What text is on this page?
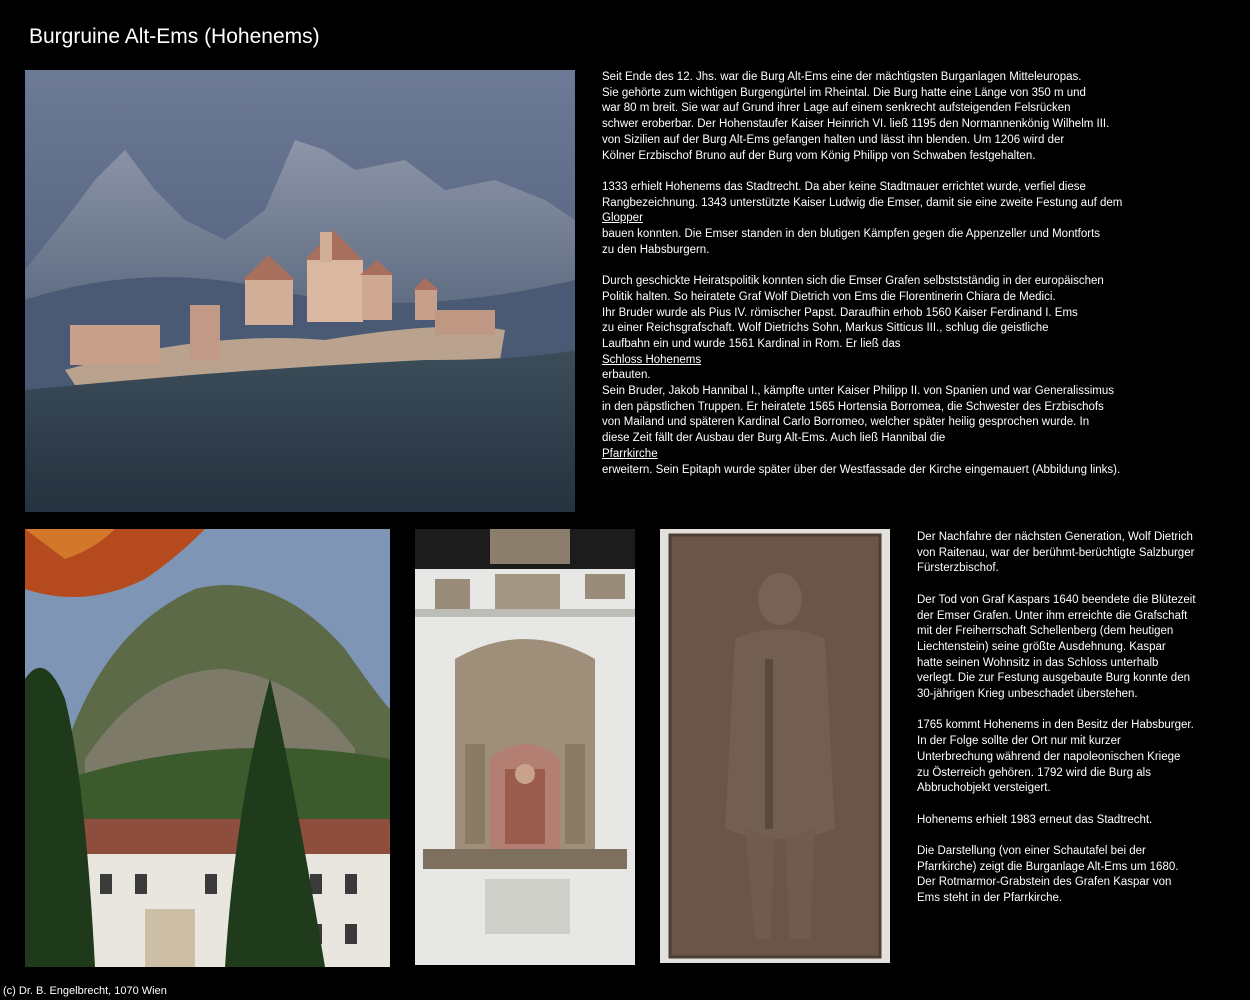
Burgruine Alt-Ems (Hohenems)

Seit Ende des 12. Jhs. war die Burg Alt-Ems eine der mächtigsten Burganlagen Mitteleuropas.
Sie gehörte zum wichtigen Burgengürtel im Rheintal. Die Burg hatte eine Länge von 350 m und
war 80 m breit. Sie war auf Grund ihrer Lage auf einem senkrecht aufsteigenden Felsrücken
schwer eroberbar. Der Hohenstaufer Kaiser Heinrich VI. ließ 1195 den Normannenkönig Wilhelm III.
von Sizilien auf der Burg Alt-Ems gefangen halten und lässt ihn blenden. Um 1206 wird der
Kölner Erzbischof Bruno auf der Burg vom König Philipp von Schwaben festgehalten.

1333 erhielt Hohenems das Stadtrecht. Da aber keine Stadtmauer errichtet wurde, verfiel diese
Rangbezeichnung. 1343 unterstützte Kaiser Ludwig die Emser, damit sie eine zweite Festung auf dem
Glopper
bauen konnten. Die Emser standen in den blutigen Kämpfen gegen die Appenzeller und Montforts
zu den Habsburgern.

Durch geschickte Heiratspolitik konnten sich die Emser Grafen selbststständig in der europäischen
Politik halten. So heiratete Graf Wolf Dietrich von Ems die Florentinerin Chiara de Medici.
Ihr Bruder wurde als Pius IV. römischer Papst. Daraufhin erhob 1560 Kaiser Ferdinand I. Ems
zu einer Reichsgrafschaft. Wolf Dietrichs Sohn, Markus Sitticus III., schlug die geistliche
Laufbahn ein und wurde 1561 Kardinal in Rom. Er ließ das
Schloss Hohenems
erbauten.
Sein Bruder, Jakob Hannibal I., kämpfte unter Kaiser Philipp II. von Spanien und war Generalissimus
in den päpstlichen Truppen. Er heiratete 1565 Hortensia Borromea, die Schwester des Erzbischofs
von Mailand und späteren Kardinal Carlo Borromeo, welcher später heilig gesprochen wurde. In
diese Zeit fällt der Ausbau der Burg Alt-Ems. Auch ließ Hannibal die
Pfarrkirche
erweitern. Sein Epitaph wurde später über der Westfassade der Kirche eingemauert (Abbildung links).

Der Nachfahre der nächsten Generation, Wolf Dietrich
von Raitenau, war der berühmt-berüchtigte Salzburger
Fürsterzbischof.

Der Tod von Graf Kaspars 1640 beendete die Blütezeit
der Emser Grafen. Unter ihm erreichte die Grafschaft
mit der Freiherrschaft Schellenberg (dem heutigen
Liechtenstein) seine größte Ausdehnung. Kaspar
hatte seinen Wohnsitz in das Schloss unterhalb
verlegt. Die zur Festung ausgebaute Burg konnte den
30-jährigen Krieg unbeschadet überstehen.

1765 kommt Hohenems in den Besitz der Habsburger.
In der Folge sollte der Ort nur mit kurzer
Unterbrechung während der napoleonischen Kriege
zu Österreich gehören. 1792 wird die Burg als
Abbruchobjekt versteigert.

Hohenems erhielt 1983 erneut das Stadtrecht.

Die Darstellung (von einer Schautafel bei der
Pfarrkirche) zeigt die Burganlage Alt-Ems um 1680.
Der Rotmarmor-Grabstein des Grafen Kaspar von
Ems steht in der Pfarrkirche.

(c) Dr. B. Engelbrecht, 1070 Wien
